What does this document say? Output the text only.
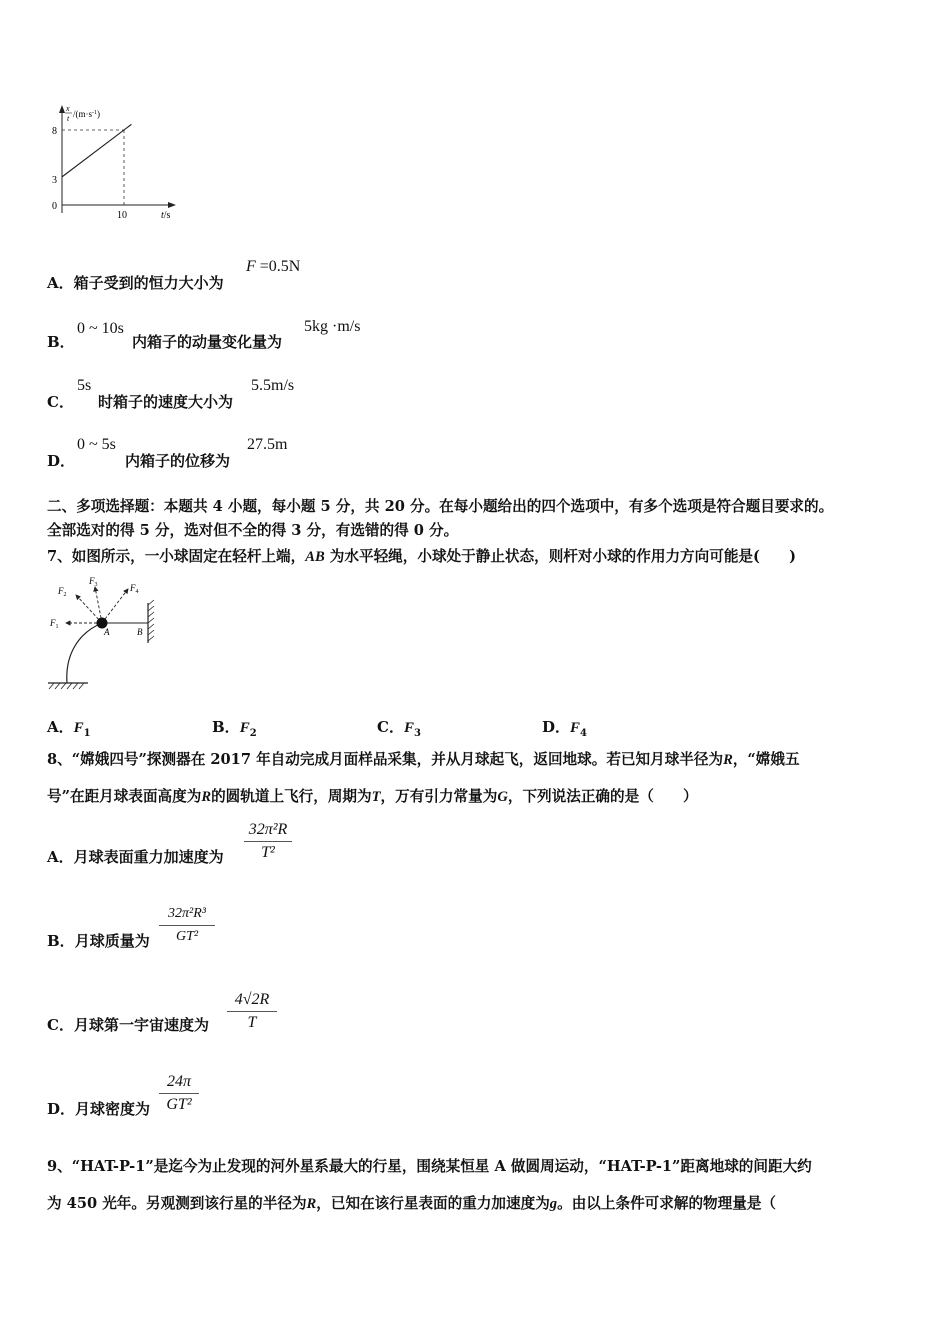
x
t $/(m\cdot s^{-1})$
8
3
0
10	t/s
A．箱子受到的恒力大小为
F =0.5N
B．
0 ~ 10s
内箱子的动量变化量为
5kg ·m/s
C．
5s
时箱子的速度大小为
5.5m/s
D．
0 ~ 5s
内箱子的位移为
27.5m
二、多项选择题：本题共 4 小题，每小题 5 分，共 20 分。在每小题给出的四个选项中，有多个选项是符合题目要求的。
全部选对的得 5 分，选对但不全的得 3 分，有选错的得 0 分。
7、如图所示，一小球固定在轻杆上端，AB 为水平轻绳，小球处于静止状态，则杆对小球的作用力方向可能是(　　)
$F_1$
$F_2$
$F_3$	$F_4$
A	B
A．$F_1$	B．$F_2$	C．$F_3$	D．$F_4$
8、“嫦娥四号”探测器在 2017 年自动完成月面样品采集，并从月球起飞，返回地球。若已知月球半径为R，“嫦娥五
号”在距月球表面高度为R的圆轨道上飞行，周期为T，万有引力常量为G，下列说法正确的是（　　）
A．月球表面重力加速度为
32π²R
T²
B．月球质量为
32π²R³
GT²
C．月球第一宇宙速度为
4√2R
T
D．月球密度为
24π
GT²
9、“HAT-P-1”是迄今为止发现的河外星系最大的行星，围绕某恒星 A 做圆周运动，“HAT-P-1”距离地球的间距大约
为 450 光年。另观测到该行星的半径为R，已知在该行星表面的重力加速度为g。由以上条件可求解的物理量是（
